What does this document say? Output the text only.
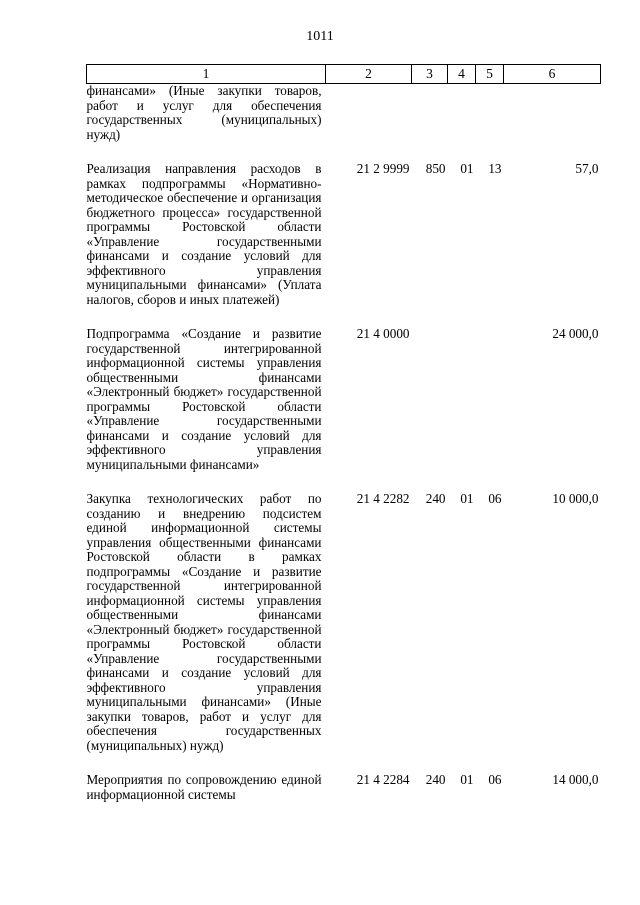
1011
1	2	3	4	5	6
финансами» (Иные закупки товаров, работ и услуг для обеспечения государственных (муниципальных) нужд)					
Реализация направления расходов в рамках подпрограммы «Нормативно-методическое обеспечение и организация бюджетного процесса» государственной программы Ростовской области «Управление государственными финансами и создание условий для эффективного управления муниципальными финансами» (Уплата налогов, сборов и иных платежей)	21 2 9999	850	01	13	57,0
Подпрограмма «Создание и развитие государственной интегрированной информационной системы управления общественными финансами «Электронный бюджет» государственной программы Ростовской области «Управление государственными финансами и создание условий для эффективного управления муниципальными финансами»	21 4 0000				24 000,0
Закупка технологических работ по созданию и внедрению подсистем единой информационной системы управления общественными финансами Ростовской области в рамках подпрограммы «Создание и развитие государственной интегрированной информационной системы управления общественными финансами «Электронный бюджет» государственной программы Ростовской области «Управление государственными финансами и создание условий для эффективного управления муниципальными финансами» (Иные закупки товаров, работ и услуг для обеспечения государственных (муниципальных) нужд)	21 4 2282	240	01	06	10 000,0
Мероприятия по сопровождению единой информационной системы	21 4 2284	240	01	06	14 000,0
